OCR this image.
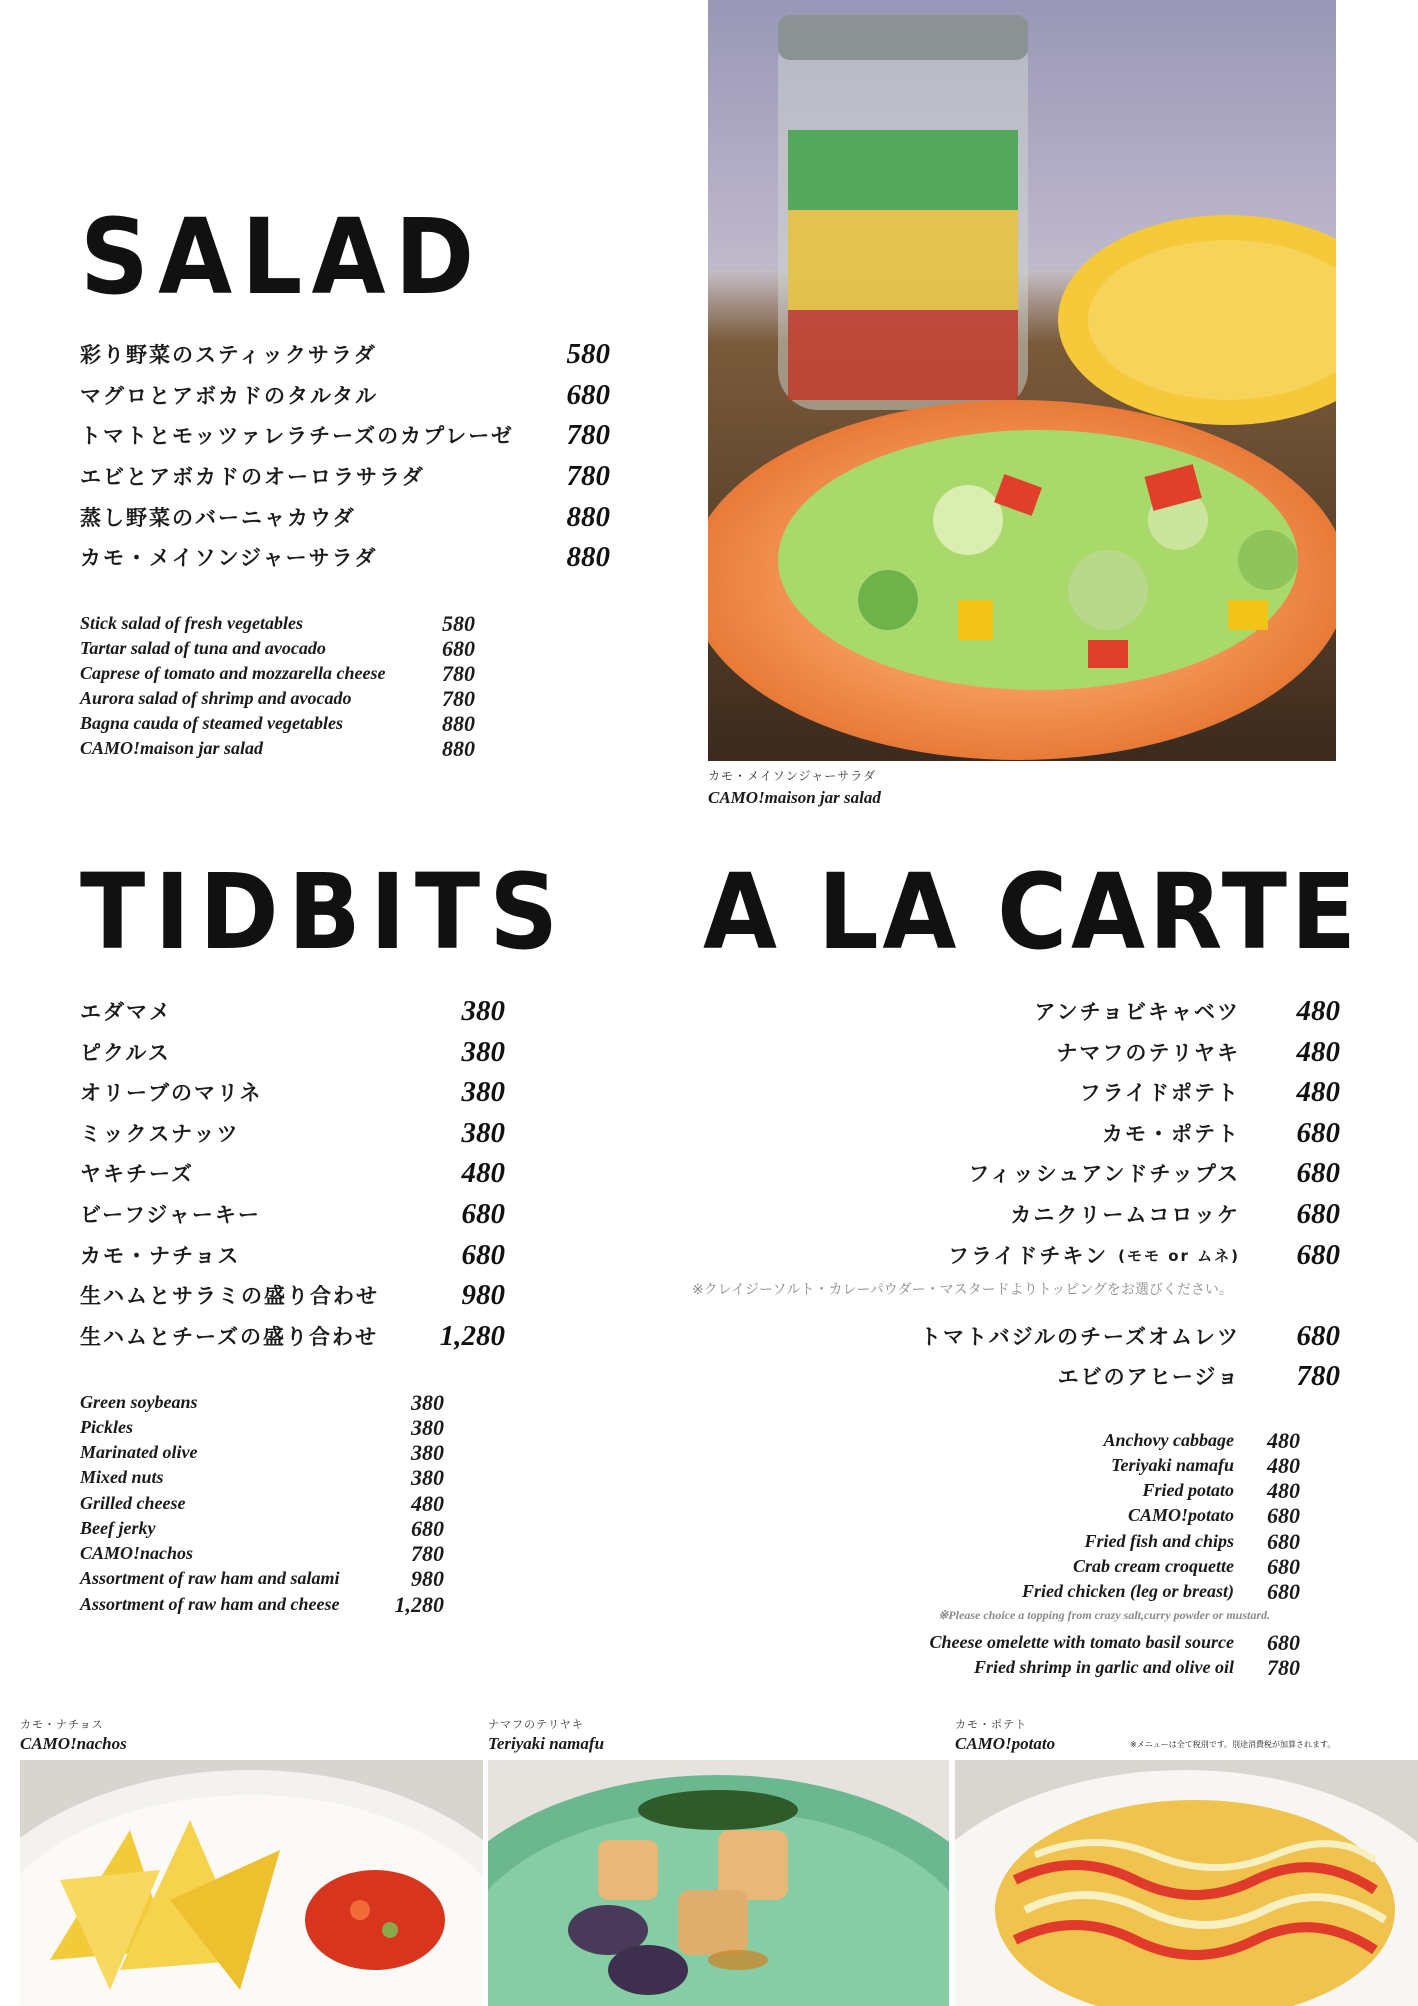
SALAD
彩り野菜のスティックサラダ	580
マグロとアボカドのタルタル	680
トマトとモッツァレラチーズのカプレーゼ	780
エビとアボカドのオーロラサラダ	780
蒸し野菜のバーニャカウダ	880
カモ・メイソンジャーサラダ	880
Stick salad of fresh vegetables	580
Tartar salad of tuna and avocado	680
Caprese of tomato and mozzarella cheese	780
Aurora salad of shrimp and avocado	780
Bagna cauda of steamed vegetables	880
CAMO!maison jar salad	880
カモ・メイソンジャーサラダ
CAMO!maison jar salad
TIDBITS
エダマメ	380
ピクルス	380
オリーブのマリネ	380
ミックスナッツ	380
ヤキチーズ	480
ビーフジャーキー	680
カモ・ナチョス	680
生ハムとサラミの盛り合わせ	980
生ハムとチーズの盛り合わせ	1,280
Green soybeans	380
Pickles	380
Marinated olive	380
Mixed nuts	380
Grilled cheese	480
Beef jerky	680
CAMO!nachos	780
Assortment of raw ham and salami	980
Assortment of raw ham and cheese	1,280
A LA CARTE
アンチョビキャベツ	480
ナマフのテリヤキ	480
フライドポテト	480
カモ・ポテト	680
フィッシュアンドチップス	680
カニクリームコロッケ	680
フライドチキン (モモ or ムネ)	680
※クレイジーソルト・カレーパウダー・マスタードよりトッピングをお選びください。
トマトバジルのチーズオムレツ	680
エビのアヒージョ	780
Anchovy cabbage	480
Teriyaki namafu	480
Fried potato	480
CAMO!potato	680
Fried fish and chips	680
Crab cream croquette	680
Fried chicken (leg or breast)	680
※Please choice a topping from crazy salt,curry powder or mustard.
Cheese omelette with tomato basil source	680
Fried shrimp in garlic and olive oil	780
カモ・ナチョス
CAMO!nachos
ナマフのテリヤキ
Teriyaki namafu
カモ・ポテト
CAMO!potato	※メニューは全て税別です。別途消費税が加算されます。
